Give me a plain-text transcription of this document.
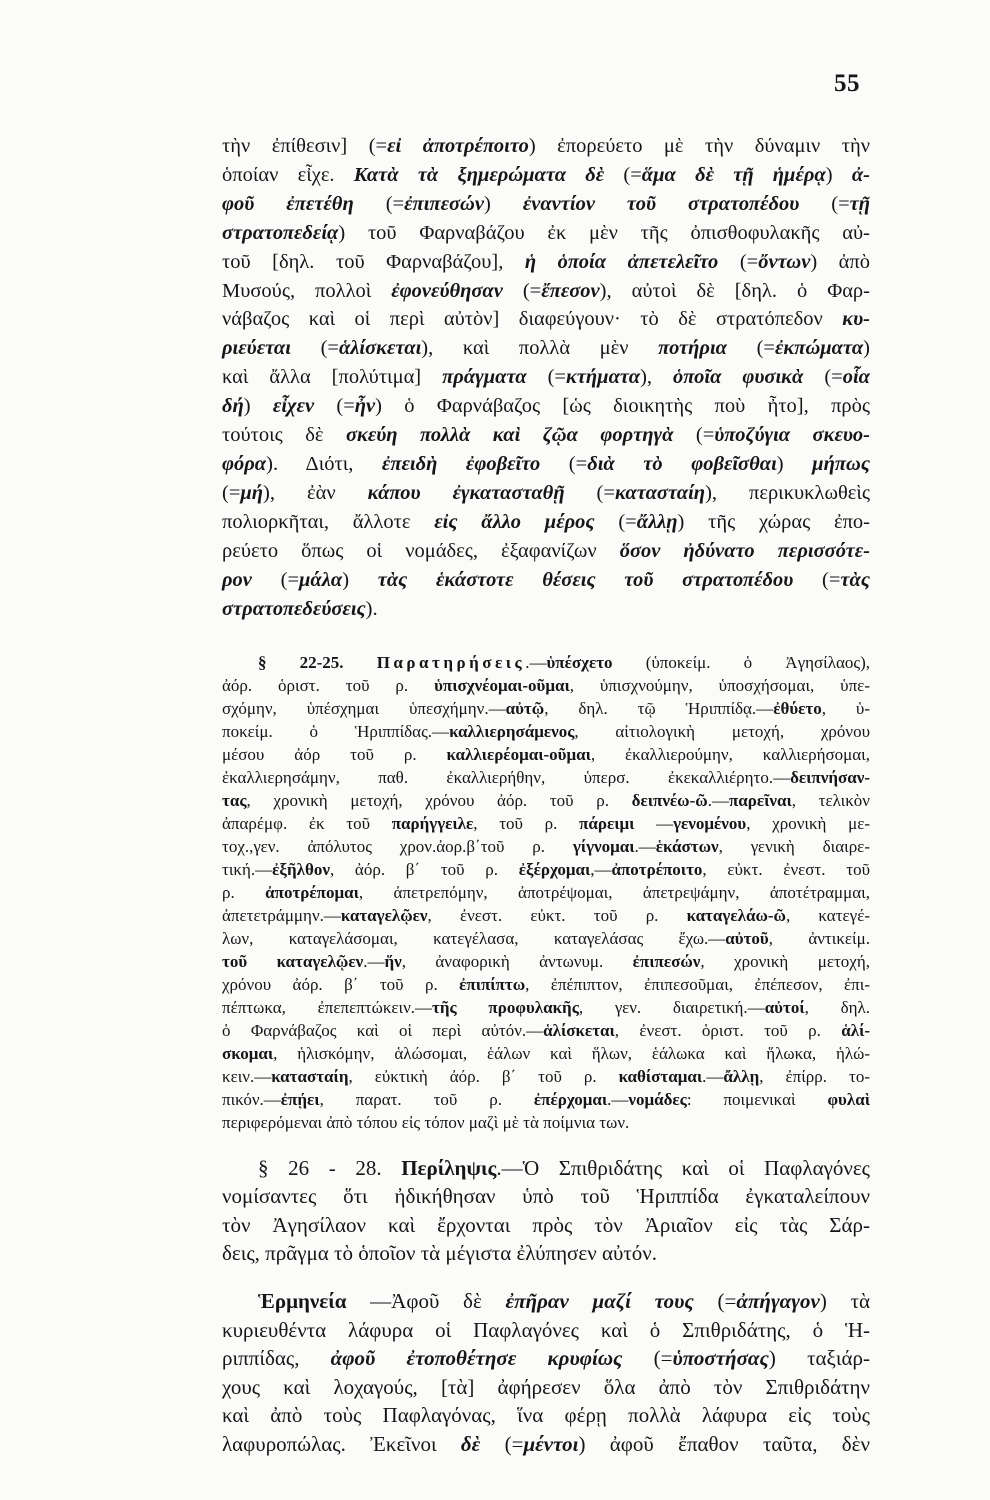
55
τὴν ἐπίθεσιν] (=εἰ ἀποτρέποιτο) ἐπορεύετο μὲ τὴν δύναμιν τὴν
ὁποίαν εἶχε. Κατὰ τὰ ξημερώματα δὲ (=ἅμα δὲ τῇ ἡμέρᾳ) ἀ-
φοῦ ἐπετέθη (=ἐπιπεσών) ἐναντίον τοῦ στρατοπέδου (=τῇ
στρατοπεδείᾳ) τοῦ Φαρναβάζου ἐκ μὲν τῆς ὀπισθοφυλακῆς αὐ-
τοῦ [δηλ. τοῦ Φαρναβάζου], ἡ ὁποία ἀπετελεῖτο (=ὄντων) ἀπὸ
Μυσούς, πολλοὶ ἐφονεύθησαν (=ἔπεσον), αὐτοὶ δὲ [δηλ. ὁ Φαρ-
νάβαζος καὶ οἱ περὶ αὐτὸν] διαφεύγουν· τὸ δὲ στρατόπεδον κυ-
ριεύεται (=ἁλίσκεται), καὶ πολλὰ μὲν ποτήρια (=ἐκπώματα)
καὶ ἄλλα [πολύτιμα] πράγματα (=κτήματα), ὁποῖα φυσικὰ (=οἷα
δή) εἶχεν (=ἦν) ὁ Φαρνάβαζος [ὡς διοικητὴς ποὺ ἦτο], πρὸς
τούτοις δὲ σκεύη πολλὰ καὶ ζῷα φορτηγὰ (=ὑποζύγια σκευο-
φόρα). Διότι, ἐπειδὴ ἐφοβεῖτο (=διὰ τὸ φοβεῖσθαι) μήπως
(=μή), ἐὰν κάπου ἐγκατασταθῇ (=κατασταίη), περικυκλωθεὶς
πολιορκῆται, ἄλλοτε εἰς ἄλλο μέρος (=ἄλλῃ) τῆς χώρας ἐπο-
ρεύετο ὅπως οἱ νομάδες, ἐξαφανίζων ὅσον ἠδύνατο περισσότε-
ρον (=μάλα) τὰς ἑκάστοτε θέσεις τοῦ στρατοπέδου (=τὰς
στρατοπεδεύσεις).
§ 22-25. Παρατηρήσεις.—ὑπέσχετο (ὑποκείμ. ὁ Ἀγησίλαος),
ἀόρ. ὁριστ. τοῦ ρ. ὑπισχνέομαι-οῦμαι, ὑπισχνούμην, ὑποσχήσομαι, ὑπε-
σχόμην, ὑπέσχημαι ὑπεσχήμην.—αὐτῷ, δηλ. τῷ Ἡριππίδᾳ.—ἐθύετο, ὑ-
ποκείμ. ὁ Ἡριππίδας.—καλλιερησάμενος, αἰτιολογικὴ μετοχή, χρόνου
μέσου ἀόρ τοῦ ρ. καλλιερέομαι-οῦμαι, ἐκαλλιερούμην, καλλιερήσομαι,
ἐκαλλιερησάμην, παθ. ἐκαλλιερήθην, ὑπερσ. ἐκεκαλλιέρητο.—δειπνήσαν-
τας, χρονικὴ μετοχή, χρόνου ἀόρ. τοῦ ρ. δειπνέω-ῶ.—παρεῖναι, τελικὸν
ἀπαρέμφ. ἐκ τοῦ παρήγγειλε, τοῦ ρ. πάρειμι —γενομένου, χρονικὴ με-
τοχ.,γεν. ἀπόλυτος χρον.ἀορ.β΄τοῦ ρ. γίγνομαι.—ἑκάστων, γενικὴ διαιρε-
τική.—ἐξῆλθον, ἀόρ. β΄ τοῦ ρ. ἐξέρχομαι,—ἀποτρέποιτο, εὐκτ. ἐνεστ. τοῦ
ρ. ἀποτρέπομαι, ἀπετρεπόμην, ἀποτρέψομαι, ἀπετρεψάμην, ἀποτέτραμμαι,
ἀπετετράμμην.—καταγελῷεν, ἐνεστ. εὐκτ. τοῦ ρ. καταγελάω-ῶ, κατεγέ-
λων, καταγελάσομαι, κατεγέλασα, καταγελάσας ἔχω.—αὐτοῦ, ἀντικείμ.
τοῦ καταγελῷεν.—ἥν, ἀναφορικὴ ἀντωνυμ. ἐπιπεσών, χρονικὴ μετοχή,
χρόνου ἀόρ. β΄ τοῦ ρ. ἐπιπίπτω, ἐπέπιπτον, ἐπιπεσοῦμαι, ἐπέπεσον, ἐπι-
πέπτωκα, ἐπεπεπτώκειν.—τῆς προφυλακῆς, γεν. διαιρετική.—αὐτοί, δηλ.
ὁ Φαρνάβαζος καὶ οἱ περὶ αὐτόν.—ἁλίσκεται, ἐνεστ. ὁριστ. τοῦ ρ. ἁλί-
σκομαι, ἡλισκόμην, ἁλώσομαι, ἑάλων καὶ ἥλων, ἑάλωκα καὶ ἥλωκα, ἡλώ-
κειν.—κατασταίη, εὐκτικὴ ἀόρ. β΄ τοῦ ρ. καθίσταμαι.—ἄλλῃ, ἐπίρρ. το-
πικόν.—ἐπῄει, παρατ. τοῦ ρ. ἐπέρχομαι.—νομάδες: ποιμενικαὶ φυλαὶ
περιφερόμεναι ἀπὸ τόπου εἰς τόπον μαζὶ μὲ τὰ ποίμνια των.
§ 26 - 28. Περίληψις.—Ὁ Σπιθριδάτης καὶ οἱ Παφλαγόνες
νομίσαντες ὅτι ἠδικήθησαν ὑπὸ τοῦ Ἡριππίδα ἐγκαταλείπουν
τὸν Ἀγησίλαον καὶ ἔρχονται πρὸς τὸν Ἀριαῖον εἰς τὰς Σάρ-
δεις, πρᾶγμα τὸ ὁποῖον τὰ μέγιστα ἐλύπησεν αὐτόν.
Ἑρμηνεία —Ἀφοῦ δὲ ἐπῆραν μαζί τους (=ἀπήγαγον) τὰ
κυριευθέντα λάφυρα οἱ Παφλαγόνες καὶ ὁ Σπιθριδάτης, ὁ Ἡ-
ριππίδας, ἀφοῦ ἐτοποθέτησε κρυφίως (=ὑποστήσας) ταξιάρ-
χους καὶ λοχαγούς, [τὰ] ἀφήρεσεν ὅλα ἀπὸ τὸν Σπιθριδάτην
καὶ ἀπὸ τοὺς Παφλαγόνας, ἵνα φέρῃ πολλὰ λάφυρα εἰς τοὺς
λαφυροπώλας. Ἐκεῖνοι δὲ (=μέντοι) ἀφοῦ ἔπαθον ταῦτα, δὲν
